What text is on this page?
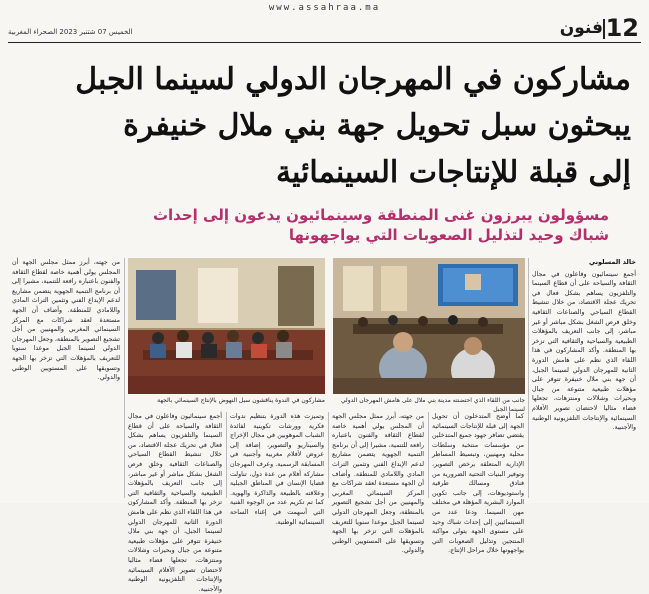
www.assahraa.ma
12
فنون
الخميس 07 شتنبر 2023 الصحراء المغربية
مشاركون في المهرجان الدولي لسينما الجبل
يبحثون سبل تحويل جهة بني ملال خنيفرة
إلى قبلة للإنتاجات السينمائية
مسؤولون يبرزون غنى المنطقة وسينمائيون يدعون إلى إحداث
شباك وحيد لتذليل الصعوبات التي يواجهونها
خالد المسلوني

أجمع سينمائيون وفاعلون في مجال الثقافة والسياحة على أن قطاع السينما والتلفزيون يساهم بشكل فعال في تحريك عجلة الاقتصاد، من خلال تنشيط القطاع السياحي والصناعات الثقافية وخلق فرص الشغل بشكل مباشر أو غير مباشر، إلى جانب التعريف بالمؤهلات الطبيعية والسياحية والثقافية التي تزخر بها المنطقة. وأكد المشاركون في هذا اللقاء الذي نظم على هامش الدورة الثانية للمهرجان الدولي لسينما الجبل، أن جهة بني ملال خنيفرة تتوفر على مؤهلات طبيعية متنوعة من جبال وبحيرات وشلالات ومنتزهات، تجعلها فضاء مثاليا لاحتضان تصوير الأفلام السينمائية والإنتاجات التلفزيونية الوطنية والأجنبية.

جانب من اللقاء الذي احتضنته مدينة بني ملال على هامش المهرجان الدولي لسينما الجبل
مشاركون في الندوة يناقشون سبل النهوض بالإنتاج السينمائي بالجهة

كما أوضح المتدخلون أن تحويل الجهة إلى قبلة للإنتاجات السينمائية يقتضي تضافر جهود جميع المتدخلين من مؤسسات منتخبة وسلطات محلية ومهنيين، وتبسيط المساطر الإدارية المتعلقة برخص التصوير، وتوفير البنيات التحتية الضرورية من فنادق ومسالك طرقية واستوديوهات، إلى جانب تكوين الموارد البشرية المؤهلة في مختلف مهن السينما. ودعا عدد من السينمائيين إلى إحداث شباك وحيد على مستوى الجهة يتولى مواكبة المنتجين وتذليل الصعوبات التي يواجهونها خلال مراحل الإنتاج.

من جهته، أبرز ممثل مجلس الجهة أن المجلس يولي أهمية خاصة لقطاع الثقافة والفنون باعتباره رافعة للتنمية، مشيرا إلى أن برنامج التنمية الجهوية يتضمن مشاريع لدعم الإبداع الفني وتثمين التراث المادي واللامادي للمنطقة. وأضاف أن الجهة مستعدة لعقد شراكات مع المركز السينمائي المغربي والمهنيين من أجل تشجيع التصوير بالمنطقة، وجعل المهرجان الدولي لسينما الجبل موعدا سنويا للتعريف بالمؤهلات التي تزخر بها الجهة وتسويقها على المستويين الوطني والدولي.

وتميزت هذه الدورة بتنظيم ندوات فكرية وورشات تكوينية لفائدة الشباب الموهوبين في مجال الإخراج والسيناريو والتصوير، إضافة إلى عروض لأفلام مغربية وأجنبية في المسابقة الرسمية. وعرف المهرجان مشاركة أفلام من عدة دول، تناولت قضايا الإنسان في المناطق الجبلية وعلاقته بالطبيعة والذاكرة والهوية. كما تم تكريم عدد من الوجوه الفنية التي أسهمت في إغناء الساحة السينمائية الوطنية.

أجمع سينمائيون وفاعلون في مجال الثقافة والسياحة على أن قطاع السينما والتلفزيون يساهم بشكل فعال في تحريك عجلة الاقتصاد، من خلال تنشيط القطاع السياحي والصناعات الثقافية وخلق فرص الشغل بشكل مباشر أو غير مباشر، إلى جانب التعريف بالمؤهلات الطبيعية والسياحية والثقافية التي تزخر بها المنطقة. وأكد المشاركون في هذا اللقاء الذي نظم على هامش الدورة الثانية للمهرجان الدولي لسينما الجبل، أن جهة بني ملال خنيفرة تتوفر على مؤهلات طبيعية متنوعة من جبال وبحيرات وشلالات ومنتزهات، تجعلها فضاء مثاليا لاحتضان تصوير الأفلام السينمائية والإنتاجات التلفزيونية الوطنية والأجنبية.

من جهته، أبرز ممثل مجلس الجهة أن المجلس يولي أهمية خاصة لقطاع الثقافة والفنون باعتباره رافعة للتنمية، مشيرا إلى أن برنامج التنمية الجهوية يتضمن مشاريع لدعم الإبداع الفني وتثمين التراث المادي واللامادي للمنطقة. وأضاف أن الجهة مستعدة لعقد شراكات مع المركز السينمائي المغربي والمهنيين من أجل تشجيع التصوير بالمنطقة، وجعل المهرجان الدولي لسينما الجبل موعدا سنويا للتعريف بالمؤهلات التي تزخر بها الجهة وتسويقها على المستويين الوطني والدولي.
